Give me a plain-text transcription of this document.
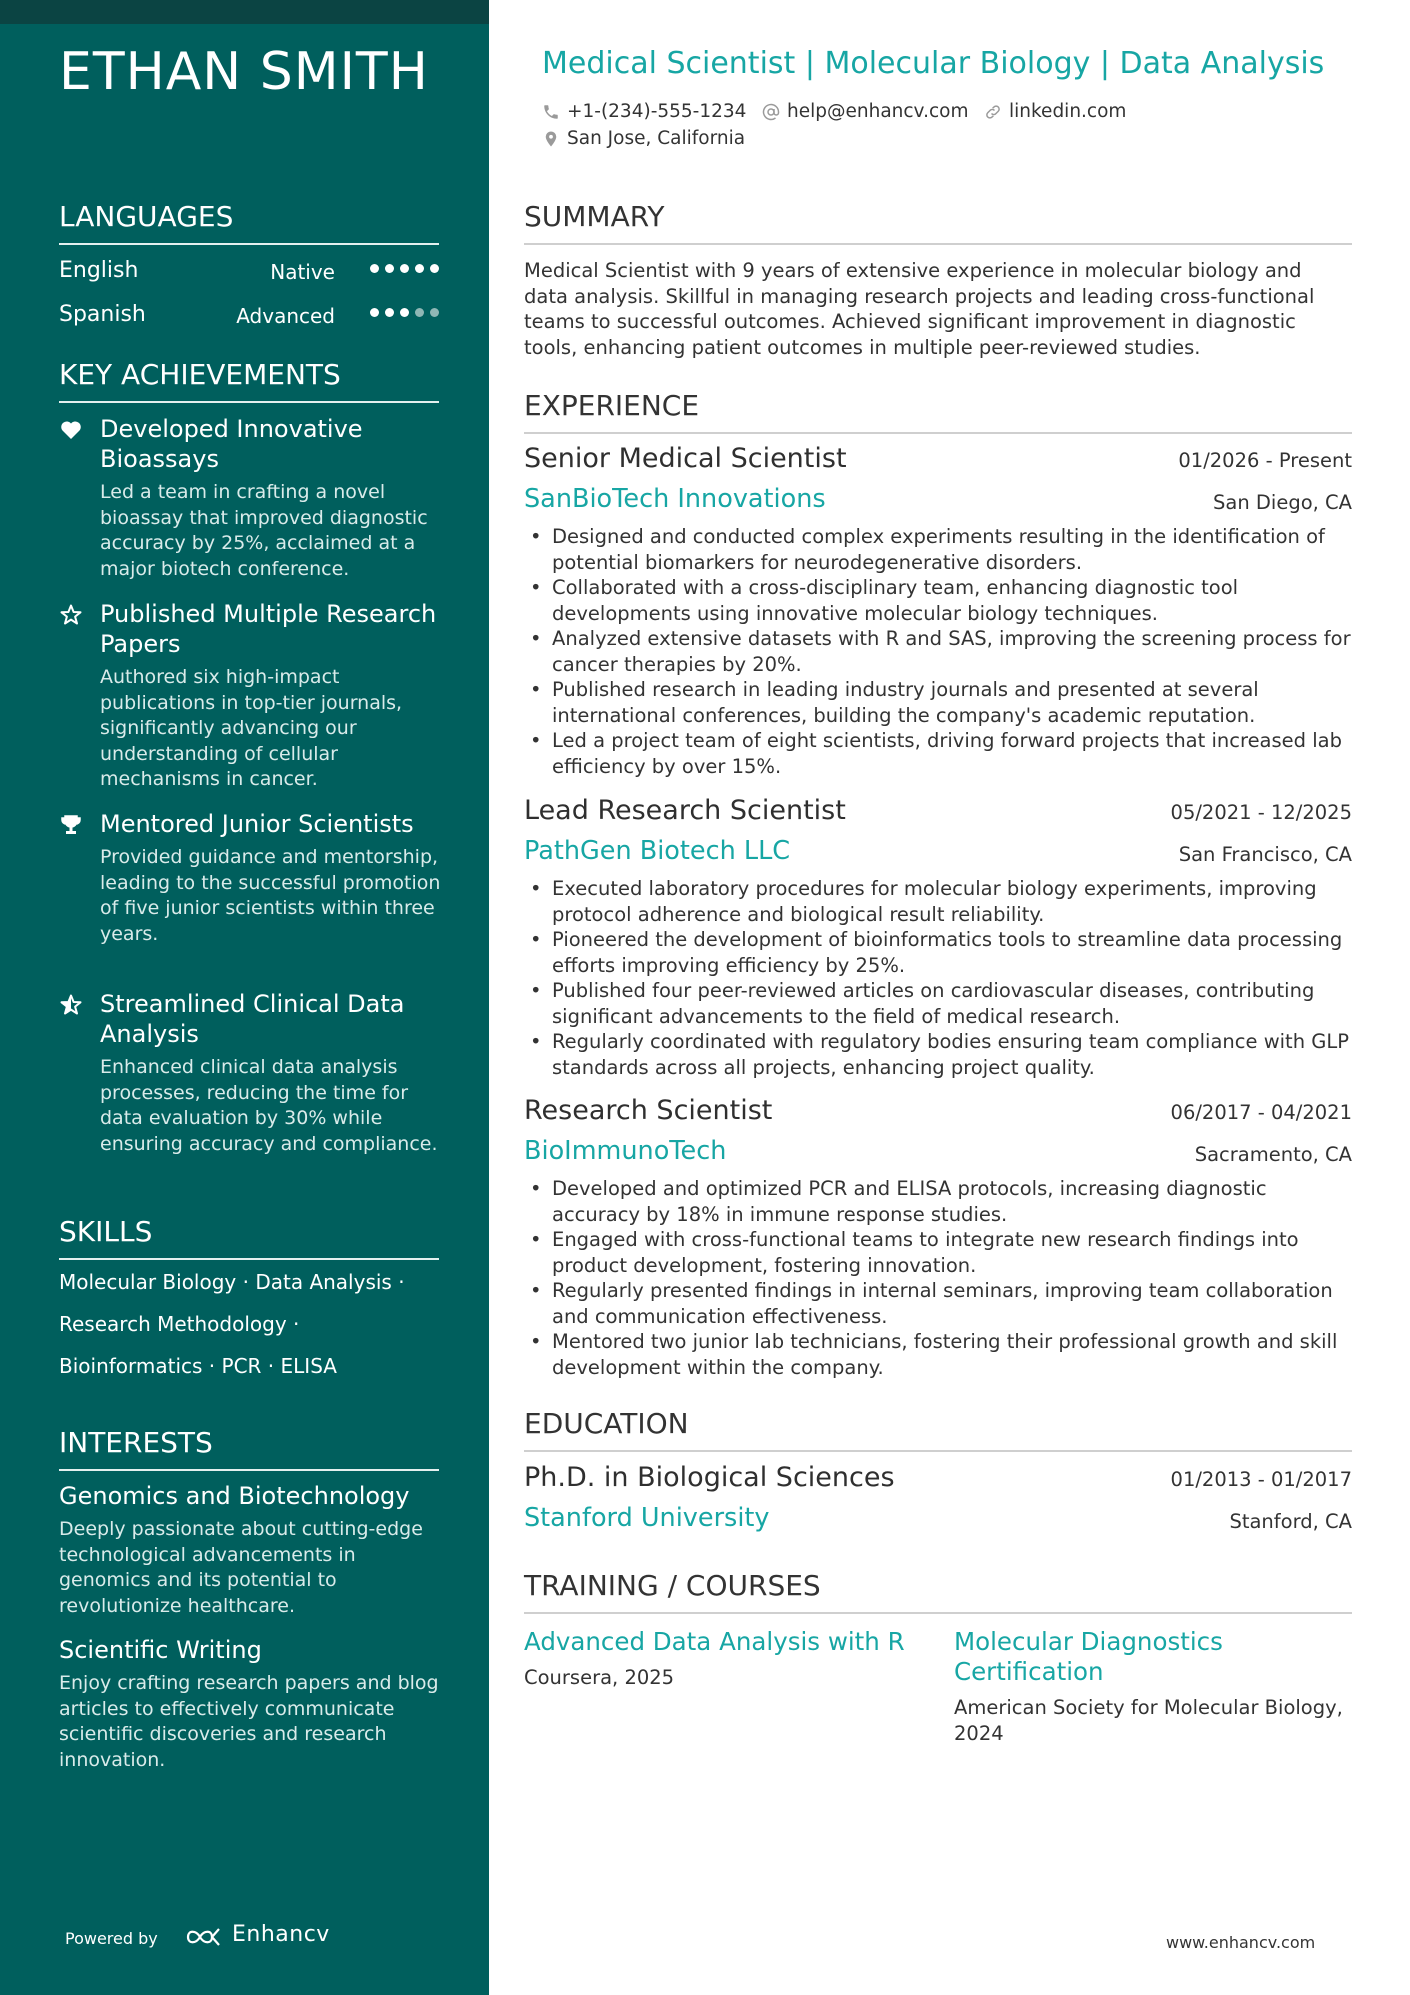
ETHAN SMITH
LANGUAGES
English	Native
Spanish	Advanced
KEY ACHIEVEMENTS
Developed Innovative Bioassays
Led a team in crafting a novel bioassay that improved diagnostic accuracy by 25%, acclaimed at a major biotech conference.
Published Multiple Research Papers
Authored six high-impact publications in top-tier journals, significantly advancing our understanding of cellular mechanisms in cancer.
Mentored Junior Scientists
Provided guidance and mentorship, leading to the successful promotion of five junior scientists within three years.
Streamlined Clinical Data Analysis
Enhanced clinical data analysis processes, reducing the time for data evaluation by 30% while ensuring accuracy and compliance.
SKILLS
Molecular Biology · Data Analysis ·
Research Methodology ·
Bioinformatics · PCR · ELISA
INTERESTS
Genomics and Biotechnology
Deeply passionate about cutting-edge technological advancements in genomics and its potential to revolutionize healthcare.
Scientific Writing
Enjoy crafting research papers and blog articles to effectively communicate scientific discoveries and research innovation.
Powered by	Enhancv
Medical Scientist | Molecular Biology | Data Analysis
+1-(234)-555-1234 help@enhancv.com linkedin.com
San Jose, California
SUMMARY
Medical Scientist with 9 years of extensive experience in molecular biology and data analysis. Skillful in managing research projects and leading cross-functional teams to successful outcomes. Achieved significant improvement in diagnostic tools, enhancing patient outcomes in multiple peer-reviewed studies.
EXPERIENCE
Senior Medical Scientist	01/2026 - Present
SanBioTech Innovations	San Diego, CA
• Designed and conducted complex experiments resulting in the identification of potential biomarkers for neurodegenerative disorders.
• Collaborated with a cross-disciplinary team, enhancing diagnostic tool developments using innovative molecular biology techniques.
• Analyzed extensive datasets with R and SAS, improving the screening process for cancer therapies by 20%.
• Published research in leading industry journals and presented at several international conferences, building the company's academic reputation.
• Led a project team of eight scientists, driving forward projects that increased lab efficiency by over 15%.
Lead Research Scientist	05/2021 - 12/2025
PathGen Biotech LLC	San Francisco, CA
• Executed laboratory procedures for molecular biology experiments, improving protocol adherence and biological result reliability.
• Pioneered the development of bioinformatics tools to streamline data processing efforts improving efficiency by 25%.
• Published four peer-reviewed articles on cardiovascular diseases, contributing significant advancements to the field of medical research.
• Regularly coordinated with regulatory bodies ensuring team compliance with GLP standards across all projects, enhancing project quality.
Research Scientist	06/2017 - 04/2021
BioImmunoTech	Sacramento, CA
• Developed and optimized PCR and ELISA protocols, increasing diagnostic accuracy by 18% in immune response studies.
• Engaged with cross-functional teams to integrate new research findings into product development, fostering innovation.
• Regularly presented findings in internal seminars, improving team collaboration and communication effectiveness.
• Mentored two junior lab technicians, fostering their professional growth and skill development within the company.
EDUCATION
Ph.D. in Biological Sciences	01/2013 - 01/2017
Stanford University	Stanford, CA
TRAINING / COURSES
Advanced Data Analysis with R
Coursera, 2025
Molecular Diagnostics Certification
American Society for Molecular Biology, 2024
www.enhancv.com
